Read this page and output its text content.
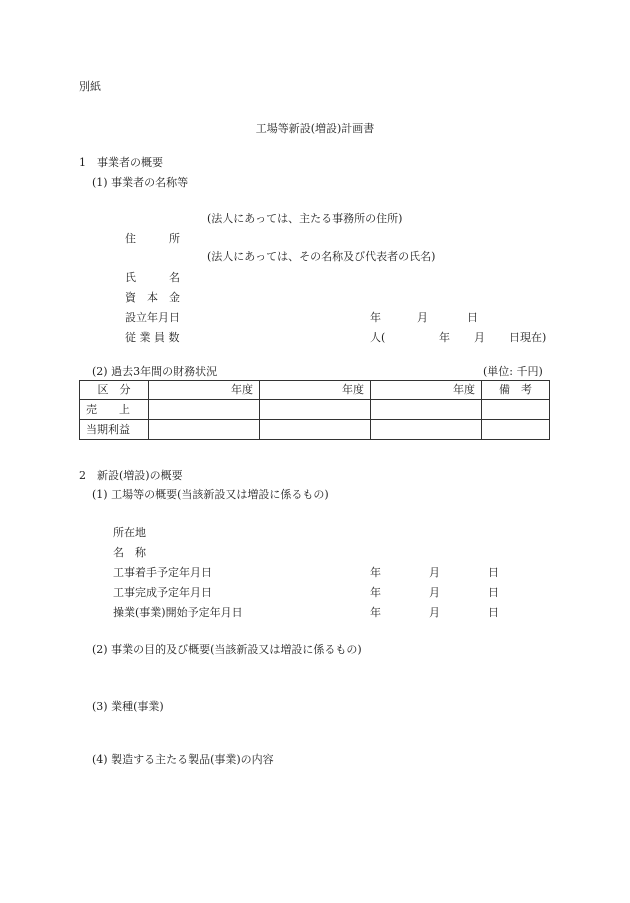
別紙
工場等新設(増設)計画書
1　事業者の概要
(1) 事業者の名称等
(法人にあっては、主たる事務所の住所)
住　　　所
(法人にあっては、その名称及び代表者の氏名)
氏　　　名
資　本　金
設立年月日	年	月	日
従 業 員 数	人(	年 月 日現在)
(2) 過去3年間の財務状況	(単位: 千円)
区　分	年度	年度	年度	備　考
売　　上				
当期利益				
2　新設(増設)の概要
(1) 工場等の概要(当該新設又は増設に係るもの)
所在地
名　称
工事着手予定年月日	年	月	日
工事完成予定年月日	年	月	日
操業(事業)開始予定年月日	年	月	日
(2) 事業の目的及び概要(当該新設又は増設に係るもの)
(3) 業種(事業)
(4) 製造する主たる製品(事業)の内容
